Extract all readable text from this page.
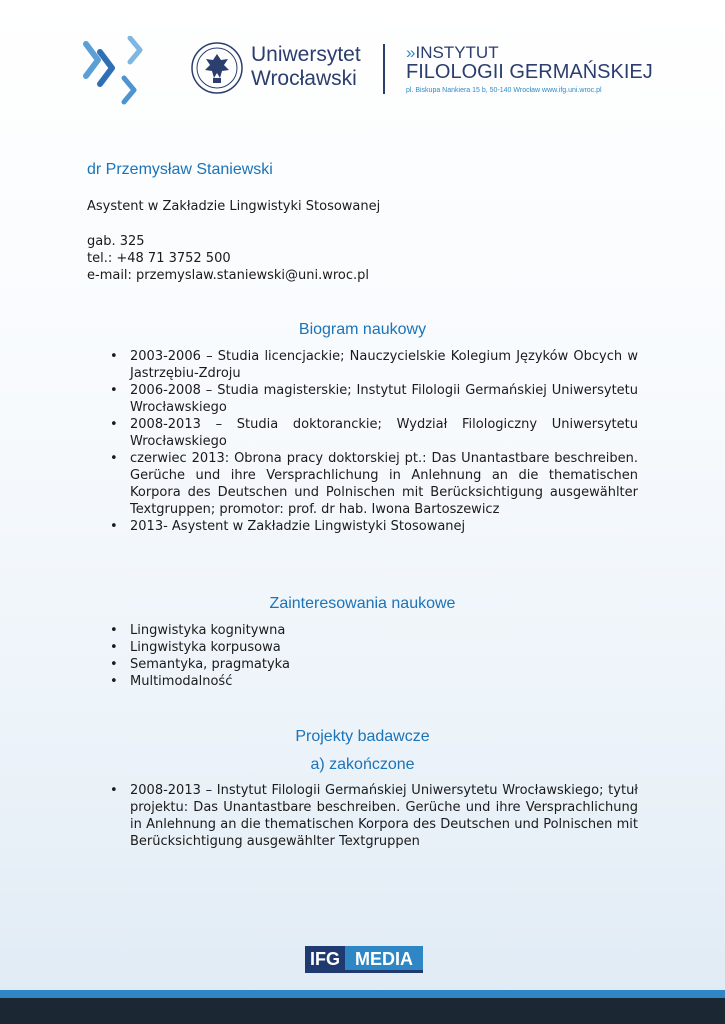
Uniwersytet
Wrocławski
»INSTYTUT
FILOLOGII GERMAŃSKIEJ
pl. Biskupa Nankiera 15 b, 50-140 Wrocław www.ifg.uni.wroc.pl
dr Przemysław Staniewski
Asystent w Zakładzie Lingwistyki Stosowanej
gab. 325
tel.: +48 71 3752 500
e-mail: przemyslaw.staniewski@uni.wroc.pl
Biogram naukowy
• 2003-2006 – Studia licencjackie; Nauczycielskie Kolegium Języków Obcych w Jastrzębiu-Zdroju
• 2006-2008 – Studia magisterskie; Instytut Filologii Germańskiej Uniwersytetu Wrocławskiego
• 2008-2013 – Studia doktoranckie; Wydział Filologiczny Uniwersytetu Wrocławskiego
• czerwiec 2013: Obrona pracy doktorskiej pt.: Das Unantastbare beschreiben. Gerüche und ihre Versprachlichung in Anlehnung an die thematischen Korpora des Deutschen und Polnischen mit Berücksichtigung ausgewählter Textgruppen; promotor: prof. dr hab. Iwona Bartoszewicz
• 2013- Asystent w Zakładzie Lingwistyki Stosowanej
Zainteresowania naukowe
• Lingwistyka kognitywna
• Lingwistyka korpusowa
• Semantyka, pragmatyka
• Multimodalność
Projekty badawcze
a) zakończone
• 2008-2013 – Instytut Filologii Germańskiej Uniwersytetu Wrocławskiego; tytuł projektu: Das Unantastbare beschreiben. Gerüche und ihre Versprachlichung in Anlehnung an die thematischen Korpora des Deutschen und Polnischen mit Berücksichtigung ausgewählter Textgruppen
IFG MEDIA
